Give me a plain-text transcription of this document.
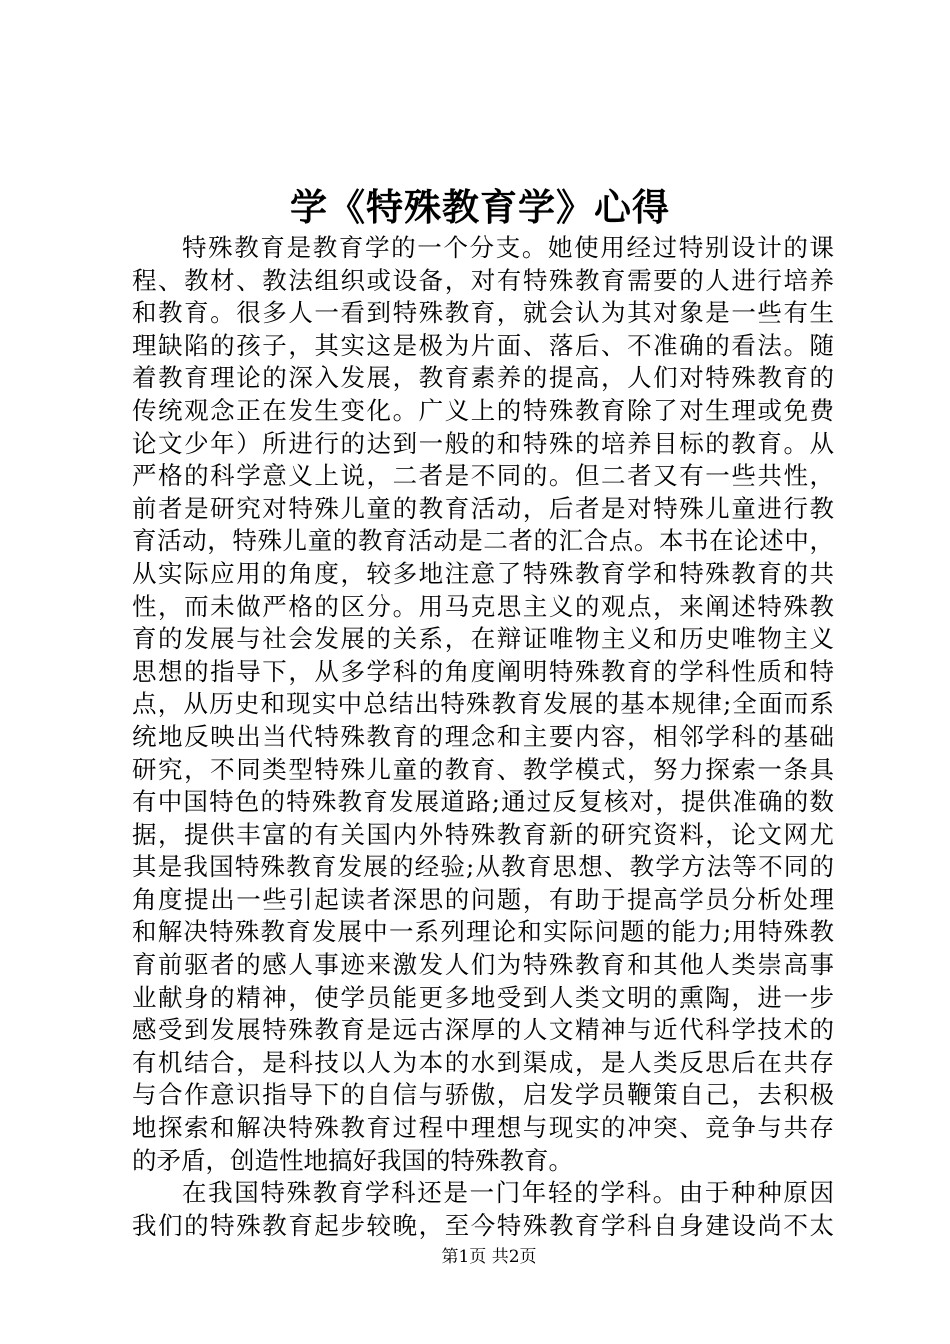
学《特殊教育学》心得
特殊教育是教育学的一个分支。她使用经过特别设计的课
程、教材、教法组织或设备，对有特殊教育需要的人进行培养
和教育。很多人一看到特殊教育，就会认为其对象是一些有生
理缺陷的孩子，其实这是极为片面、落后、不准确的看法。随
着教育理论的深入发展，教育素养的提高，人们对特殊教育的
传统观念正在发生变化。广义上的特殊教育除了对生理或免费
论文少年）所进行的达到一般的和特殊的培养目标的教育。从
严格的科学意义上说，二者是不同的。但二者又有一些共性，
前者是研究对特殊儿童的教育活动，后者是对特殊儿童进行教
育活动，特殊儿童的教育活动是二者的汇合点。本书在论述中，
从实际应用的角度，较多地注意了特殊教育学和特殊教育的共
性，而未做严格的区分。用马克思主义的观点，来阐述特殊教
育的发展与社会发展的关系，在辩证唯物主义和历史唯物主义
思想的指导下，从多学科的角度阐明特殊教育的学科性质和特
点，从历史和现实中总结出特殊教育发展的基本规律;全面而系
统地反映出当代特殊教育的理念和主要内容，相邻学科的基础
研究，不同类型特殊儿童的教育、教学模式，努力探索一条具
有中国特色的特殊教育发展道路;通过反复核对，提供准确的数
据，提供丰富的有关国内外特殊教育新的研究资料，论文网尤
其是我国特殊教育发展的经验;从教育思想、教学方法等不同的
角度提出一些引起读者深思的问题，有助于提高学员分析处理
和解决特殊教育发展中一系列理论和实际问题的能力;用特殊教
育前驱者的感人事迹来激发人们为特殊教育和其他人类崇高事
业献身的精神，使学员能更多地受到人类文明的熏陶，进一步
感受到发展特殊教育是远古深厚的人文精神与近代科学技术的
有机结合，是科技以人为本的水到渠成，是人类反思后在共存
与合作意识指导下的自信与骄傲，启发学员鞭策自己，去积极
地探索和解决特殊教育过程中理想与现实的冲突、竞争与共存
的矛盾，创造性地搞好我国的特殊教育。
在我国特殊教育学科还是一门年轻的学科。由于种种原因
我们的特殊教育起步较晚，至今特殊教育学科自身建设尚不太
第1页 共2页
